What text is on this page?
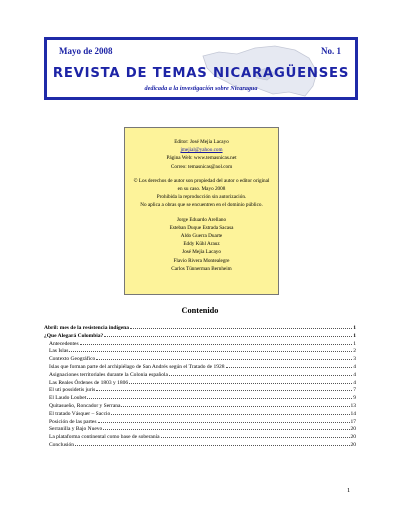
Mayo de 2008	No. 1
REVISTA DE TEMAS NICARAGÜENSES
dedicada a la investigación sobre Nicaragua
Editor: José Mejía Lacayo
jmejial@yahoo.com
Página Web: www.temasnicas.net
Correo: temasnicas@aol.com
© Los derechos de autor son propiedad del autor o editor original
en su caso. Mayo 2008
Prohibida la reproducción sin autorización.
No aplica a obras que se encuentren en el dominio público.
Jorge Eduardo Arellano
Esteban Duque Estrada Sacasa
Aldo Guerra Duarte
Eddy Kühl Arauz
José Mejía Lacayo
Flavio Rivera Montealegre
Carlos Tünnerman Bernheim
Contenido
Abril: mes de la resistencia indígena	1
¿Que Alegará Colombia?	1
Antecedentes	1
Las Islas	2
Contexto Geográfico	3
Islas que forman parte del archipiélago de San Andrés según el Tratado de 1928	4
Asignaciones territoriales durante la Colonia española	4
Las Reales Órdenes de 1803 y 1806	4
El uti possidetis juris	7
El Laudo Loubet	9
Quitasueño, Roncador y Serrana	13
El tratado Vásquer – Saccio	14
Posición de las partes	17
Serranilla y Bajo Nuevo	20
La plataforma continental como base de soberanía	20
Conclusión	20
1
